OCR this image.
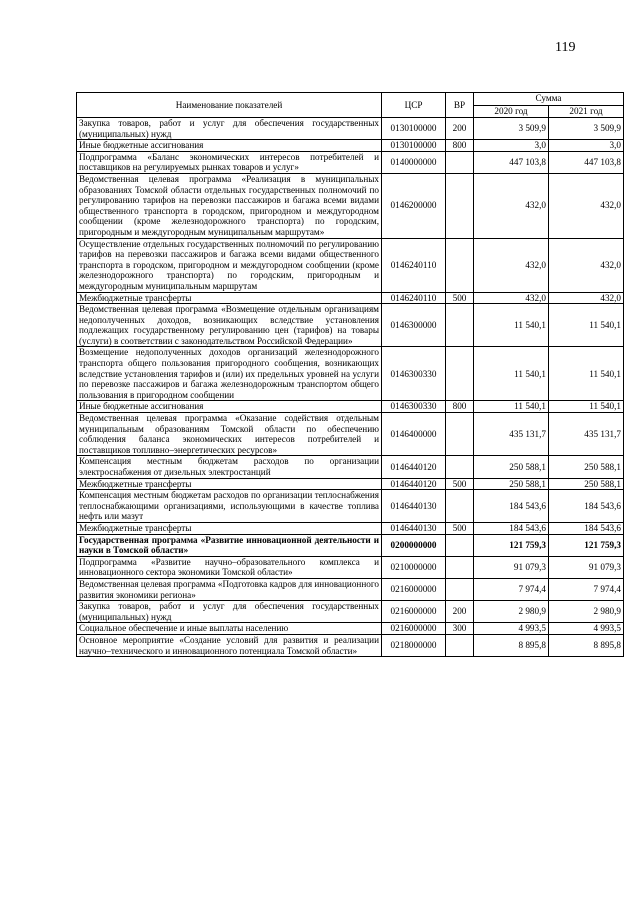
119
Наименование показателей	ЦСР	ВР	Сумма	
			2020 год	2021 год
Закупка товаров, работ и услуг для обеспечения государственных (муниципальных) нужд	0130100000	200	3 509,9	3 509,9
Иные бюджетные ассигнования	0130100000	800	3,0	3,0
Подпрограмма «Баланс экономических интересов потребителей и поставщиков на регулируемых рынках товаров и услуг»	0140000000		447 103,8	447 103,8
Ведомственная целевая программа «Реализация в муниципальных образованиях Томской области отдельных государственных полномочий по регулированию тарифов на перевозки пассажиров и багажа всеми видами общественного транспорта в городском, пригородном и междугородном сообщении (кроме железнодорожного транспорта) по городским, пригородным и междугородным муниципальным маршрутам»	0146200000		432,0	432,0
Осуществление отдельных государственных полномочий по регулированию тарифов на перевозки пассажиров и багажа всеми видами общественного транспорта в городском, пригородном и междугородном сообщении (кроме железнодорожного транспорта) по городским, пригородным и междугородным муниципальным маршрутам	0146240110		432,0	432,0
Межбюджетные трансферты	0146240110	500	432,0	432,0
Ведомственная целевая программа «Возмещение отдельным организациям недополученных доходов, возникающих вследствие установления подлежащих государственному регулированию цен (тарифов) на товары (услуги) в соответствии с законодательством Российской Федерации»	0146300000		11 540,1	11 540,1
Возмещение недополученных доходов организаций железнодорожного транспорта общего пользования пригородного сообщения, возникающих вследствие установления тарифов и (или) их предельных уровней на услуги по перевозке пассажиров и багажа железнодорожным транспортом общего пользования в пригородном сообщении	0146300330		11 540,1	11 540,1
Иные бюджетные ассигнования	0146300330	800	11 540,1	11 540,1
Ведомственная целевая программа «Оказание содействия отдельным муниципальным образованиям Томской области по обеспечению соблюдения баланса экономических интересов потребителей и поставщиков топливно–энергетических ресурсов»	0146400000		435 131,7	435 131,7
Компенсация местным бюджетам расходов по организации электроснабжения от дизельных электростанций	0146440120		250 588,1	250 588,1
Межбюджетные трансферты	0146440120	500	250 588,1	250 588,1
Компенсация местным бюджетам расходов по организации теплоснабжения теплоснабжающими организациями, использующими в качестве топлива нефть или мазут	0146440130		184 543,6	184 543,6
Межбюджетные трансферты	0146440130	500	184 543,6	184 543,6
Государственная программа «Развитие инновационной деятельности и науки в Томской области»	0200000000		121 759,3	121 759,3
Подпрограмма «Развитие научно–образовательного комплекса и инновационного сектора экономики Томской области»	0210000000		91 079,3	91 079,3
Ведомственная целевая программа «Подготовка кадров для инновационного развития экономики региона»	0216000000		7 974,4	7 974,4
Закупка товаров, работ и услуг для обеспечения государственных (муниципальных) нужд	0216000000	200	2 980,9	2 980,9
Социальное обеспечение и иные выплаты населению	0216000000	300	4 993,5	4 993,5
Основное мероприятие «Создание условий для развития и реализации научно–технического и инновационного потенциала Томской области»	0218000000		8 895,8	8 895,8
